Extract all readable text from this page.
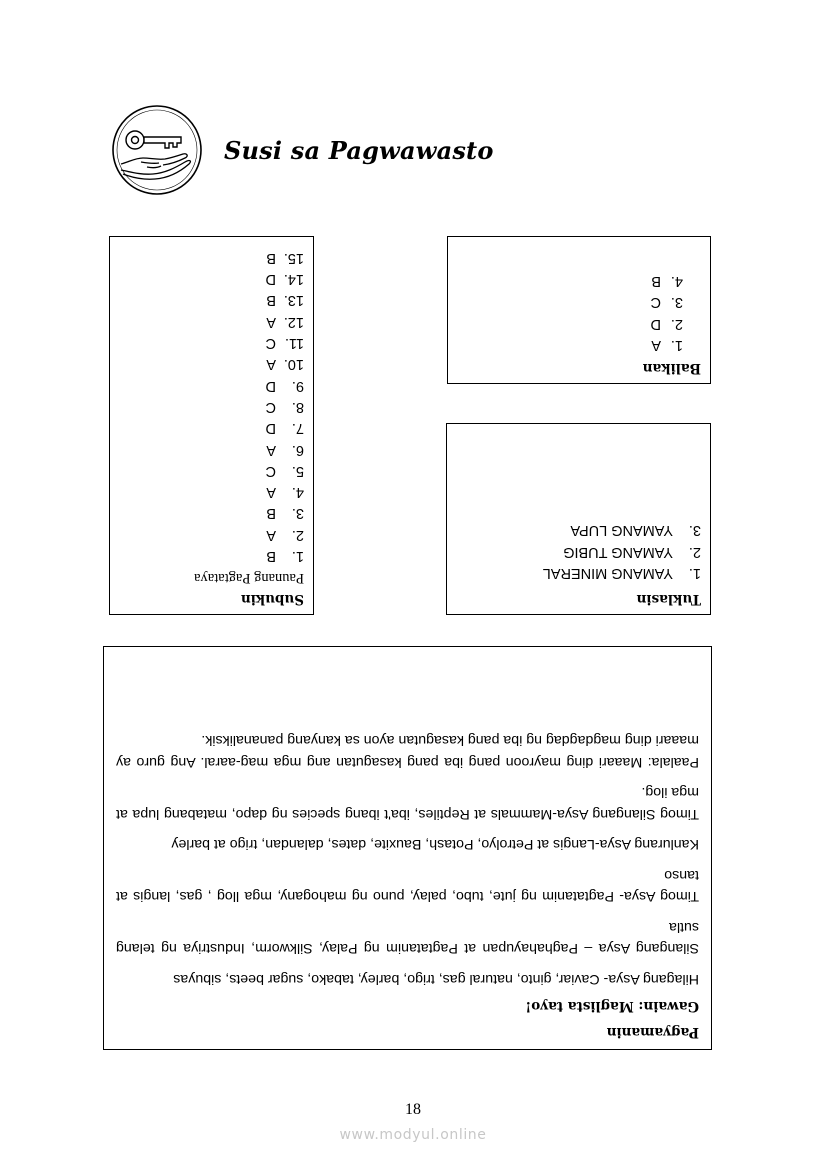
Susi sa Pagwawasto
Balikan
1.A
2.D
3.C
4.B
Subukin
Paunang Pagtataya
1.B
2.A
3.B
4.A
5.C
6.A
7.D
8.C
9.D
10.A
11.C
12.A
13.B
14.D
15.B
Tuklasin
1.YAMANG MINERAL
2.YAMANG TUBIG
3.YAMANG LUPA
Pagyamanin
Gawain: Maglista tayo!

Hilagang Asya- Caviar, ginto, natural gas, trigo, barley, tabako, sugar beets, sibuyas

Silangang Asya – Paghahayupan at Pagtatanim ng Palay, Silkworm, Industriya ng telang sutla

Timog Asya- Pagtatanim ng jute, tubo, palay, puno ng mahogany, mga llog , gas, langis at tanso

Kanlurang Asya-Langis at Petrolyo, Potash, Bauxite, dates, dalandan, trigo at barley

Timog Silangang Asya-Mammals at Reptiles, iba't ibang species ng dapo, matabang lupa at mga ilog.

Paalala: Maaari ding mayroon pang iba pang kasagutan ang mga mag-aaral. Ang guro ay maaari ding magdagdag ng iba pang kasagutan ayon sa kanyang pananaliksik.

18
www.modyul.online
